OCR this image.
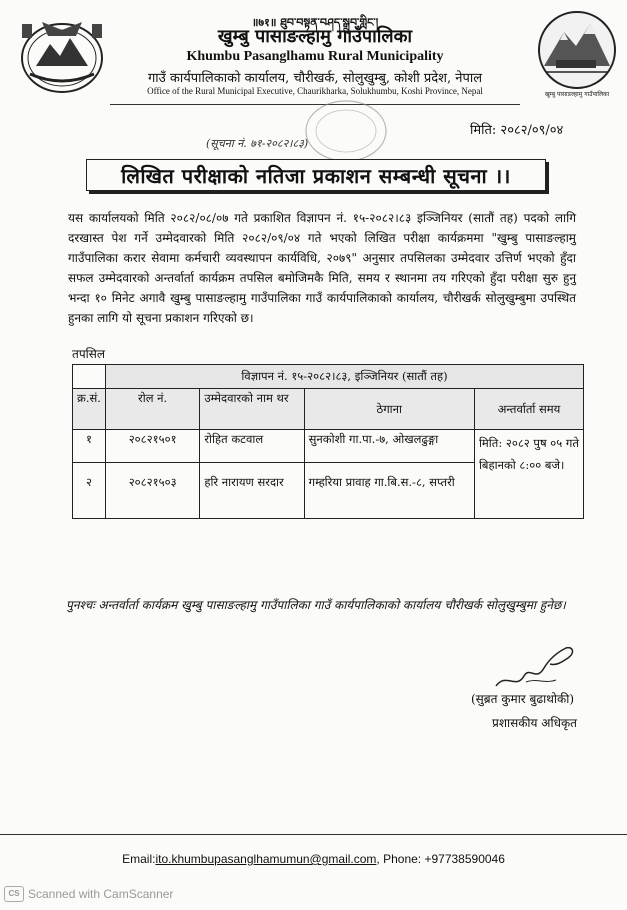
खुम्बु पासाङल्हामु गाउँपालिका
॥७१॥ ཐུབ་བསྟན་བཤད་སྒྲུབ་གླིང་།
खुम्बु पासाङल्हामु गाउँपालिका
Khumbu Pasanglhamu Rural Municipality
गाउँ कार्यपालिकाको कार्यालय, चौरीखर्क, सोलुखुम्बु, कोशी प्रदेश, नेपाल
Office of the Rural Municipal Executive, Chaurikharka, Solukhumbu, Koshi Province, Nepal
मिति: २०८२/०९/०४
(सूचना नं. ७१-२०८२।८३)
लिखित परीक्षाको नतिजा प्रकाशन सम्बन्धी सूचना ।।
यस कार्यालयको मिति २०८२/०८/०७ गते प्रकाशित विज्ञापन नं. १५-२०८२।८३ इञ्जिनियर (सातौं तह) पदको लागि दरखास्त पेश गर्ने उम्मेदवारको मिति २०८२/०९/०४ गते भएको लिखित परीक्षा कार्यक्रममा "खुम्बु पासाङल्हामु गाउँपालिका करार सेवामा कर्मचारी व्यवस्थापन कार्यविधि, २०७९" अनुसार तपसिलका उम्मेदवार उत्तिर्ण भएको हुँदा सफल उम्मेदवारको अन्तर्वार्ता कार्यक्रम तपसिल बमोजिमकै मिति, समय र स्थानमा तय गरिएको हुँदा परीक्षा सुरु हुनु भन्दा १० मिनेट अगावै खुम्बु पासाङल्हामु गाउँपालिका गाउँ कार्यपालिकाको कार्यालय, चौरीखर्क सोलुखुम्बुमा उपस्थित हुनका लागि यो सूचना प्रकाशन गरिएको छ।
तपसिल
	विज्ञापन नं. १५-२०८२।८३, इञ्जिनियर (सातौं तह)			
क्र.सं.	रोल नं.	उम्मेदवारको नाम थर	ठेगाना	अन्तर्वार्ता समय
१	२०८२१५०१	रोहित कटवाल	सुनकोशी गा.पा.-७, ओखलढुङ्गा	मिति: २०८२ पुष ०५ गते बिहानको ८:०० बजे।
२	२०८२१५०३	हरि नारायण सरदार	गम्हरिया प्रावाह गा.बि.स.-८, सप्तरी	
पुनश्चः अन्तर्वार्ता कार्यक्रम खुम्बु पासाङल्हामु गाउँपालिका गाउँ कार्यपालिकाको कार्यालय चौरीखर्क सोलुखुम्बुमा हुनेछ।
(सुब्रत कुमार बुढाथोकी)
प्रशासकीय अधिकृत
Email:ito.khumbupasanglhamumun@gmail.com, Phone: +97738590046
CS Scanned with CamScanner
